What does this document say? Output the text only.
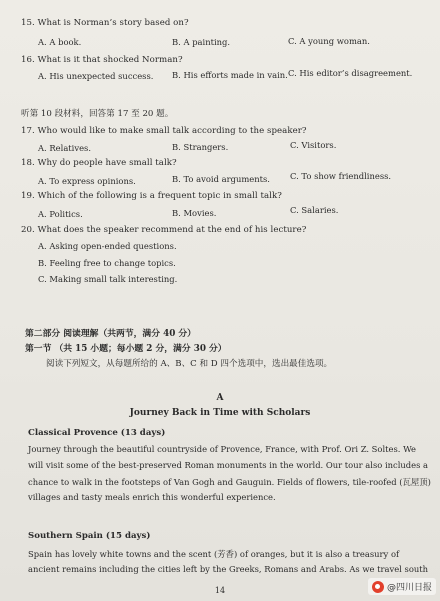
15. What is Norman’s story based on?
A. A book.	B. A painting.	C. A young woman.
16. What is it that shocked Norman?
A. His unexpected success. B. His efforts made in vain. C. His editor’s disagreement.
听第 10 段材料，回答第 17 至 20 题。
17. Who would like to make small talk according to the speaker?
A. Relatives.	B. Strangers.	C. Visitors.
18. Why do people have small talk?
A. To express opinions.	B. To avoid arguments. C. To show friendliness.
19. Which of the following is a frequent topic in small talk?
A. Politics.	B. Movies.	C. Salaries.
20. What does the speaker recommend at the end of his lecture?
A. Asking open-ended questions.
B. Feeling free to change topics.
C. Making small talk interesting.
第二部分 阅读理解（共两节，满分 40 分）
第一节 （共 15 小题；每小题 2 分，满分 30 分）
阅读下列短文，从每题所给的 A、B、C 和 D 四个选项中，选出最佳选项。
A
Journey Back in Time with Scholars
Classical Provence (13 days)
Journey through the beautiful countryside of Provence, France, with Prof. Ori Z. Soltes. We
will visit some of the best-preserved Roman monuments in the world. Our tour also includes a
chance to walk in the footsteps of Van Gogh and Gauguin. Fields of flowers, tile-roofed (瓦屋顶)
villages and tasty meals enrich this wonderful experience.
Southern Spain (15 days)
Spain has lovely white towns and the scent (芳香) of oranges, but it is also a treasury of
ancient remains including the cities left by the Greeks, Romans and Arabs. As we travel south
14	@四川日报
